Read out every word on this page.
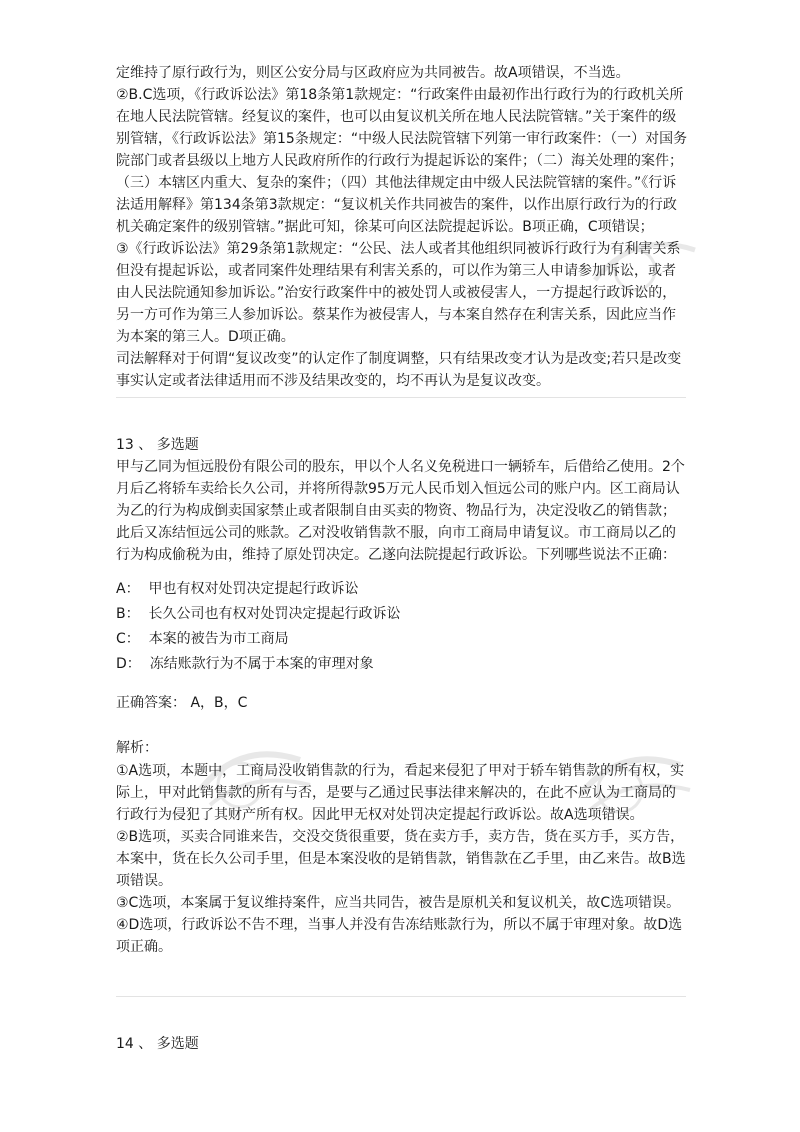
定维持了原行政行为，则区公安分局与区政府应为共同被告。故A项错误，不当选。

②B.C选项，《行政诉讼法》第18条第1款规定：“行政案件由最初作出行政行为的行政机关所在地人民法院管辖。经复议的案件，也可以由复议机关所在地人民法院管辖。”关于案件的级别管辖，《行政诉讼法》第15条规定：“中级人民法院管辖下列第一审行政案件：（一）对国务院部门或者县级以上地方人民政府所作的行政行为提起诉讼的案件；（二）海关处理的案件；（三）本辖区内重大、复杂的案件；（四）其他法律规定由中级人民法院管辖的案件。”《行诉法适用解释》第134条第3款规定：“复议机关作共同被告的案件，以作出原行政行为的行政机关确定案件的级别管辖。”据此可知，徐某可向区法院提起诉讼。B项正确，C项错误；

③《行政诉讼法》第29条第1款规定：“公民、法人或者其他组织同被诉行政行为有利害关系但没有提起诉讼，或者同案件处理结果有利害关系的，可以作为第三人申请参加诉讼，或者由人民法院通知参加诉讼。”治安行政案件中的被处罚人或被侵害人，一方提起行政诉讼的，另一方可作为第三人参加诉讼。蔡某作为被侵害人，与本案自然存在利害关系，因此应当作为本案的第三人。D项正确。

司法解释对于何谓“复议改变”的认定作了制度调整，只有结果改变才认为是改变;若只是改变事实认定或者法律适用而不涉及结果改变的，均不再认为是复议改变。

13 、 多选题

甲与乙同为恒远股份有限公司的股东，甲以个人名义免税进口一辆轿车，后借给乙使用。2个月后乙将轿车卖给长久公司，并将所得款95万元人民币划入恒远公司的账户内。区工商局认为乙的行为构成倒卖国家禁止或者限制自由买卖的物资、物品行为，决定没收乙的销售款；此后又冻结恒远公司的账款。乙对没收销售款不服，向市工商局申请复议。市工商局以乙的行为构成偷税为由，维持了原处罚决定。乙遂向法院提起行政诉讼。下列哪些说法不正确：

A： 甲也有权对处罚决定提起行政诉讼
B： 长久公司也有权对处罚决定提起行政诉讼
C： 本案的被告为市工商局
D： 冻结账款行为不属于本案的审理对象
正确答案： A，B，C
解析：

①A选项，本题中，工商局没收销售款的行为，看起来侵犯了甲对于轿车销售款的所有权，实际上，甲对此销售款的所有与否，是要与乙通过民事法律来解决的，在此不应认为工商局的行政行为侵犯了其财产所有权。因此甲无权对处罚决定提起行政诉讼。故A选项错误。

②B选项，买卖合同谁来告，交没交货很重要，货在卖方手，卖方告，货在买方手，买方告，本案中，货在长久公司手里，但是本案没收的是销售款，销售款在乙手里，由乙来告。故B选项错误。

③C选项，本案属于复议维持案件，应当共同告，被告是原机关和复议机关，故C选项错误。

④D选项，行政诉讼不告不理，当事人并没有告冻结账款行为，所以不属于审理对象。故D选项正确。

14 、 多选题
